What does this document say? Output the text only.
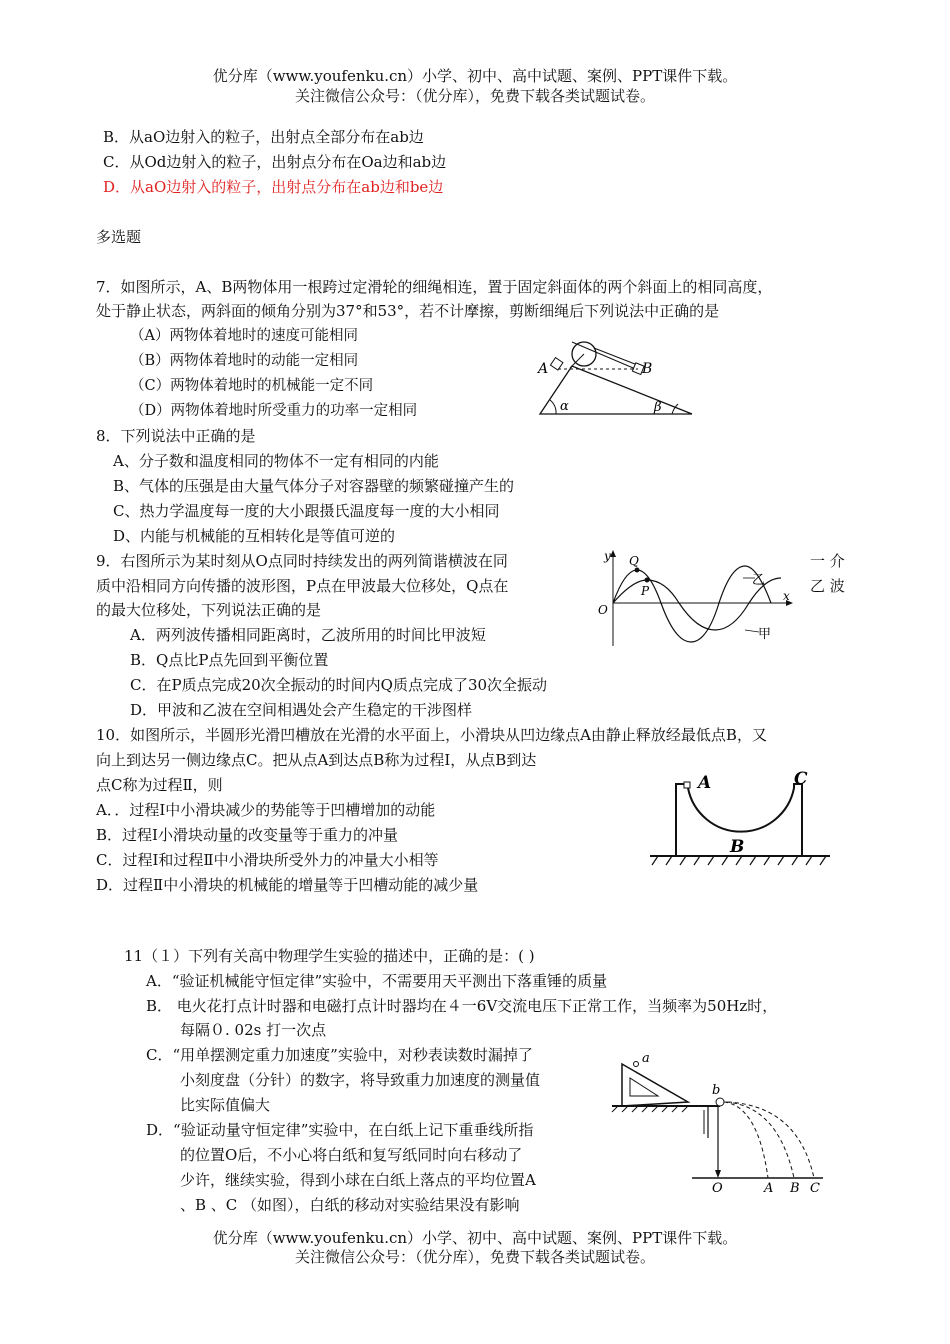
优分库（www.youfenku.cn）小学、初中、高中试题、案例、PPT课件下载。
关注微信公众号：（优分库），免费下载各类试题试卷。
B．从aO边射入的粒子，出射点全部分布在ab边
C．从Od边射入的粒子，出射点分布在Oa边和ab边
D．从aO边射入的粒子，出射点分布在ab边和be边
多选题
7．如图所示，A、B两物体用一根跨过定滑轮的细绳相连，置于固定斜面体的两个斜面上的相同高度，
处于静止状态，两斜面的倾角分别为37°和53°，若不计摩擦，剪断细绳后下列说法中正确的是
（A）两物体着地时的速度可能相同
（B）两物体着地时的动能一定相同
（C）两物体着地时的机械能一定不同
（D）两物体着地时所受重力的功率一定相同
A	B
α	β
8．下列说法中正确的是
A、分子数和温度相同的物体不一定有相同的内能
B、气体的压强是由大量气体分子对容器壁的频繁碰撞产生的
C、热力学温度每一度的大小跟摄氏温度每一度的大小相同
D、内能与机械能的互相转化是等值可逆的
9．右图所示为某时刻从O点同时持续发出的两列简谐横波在同	一 介
质中沿相同方向传播的波形图，P点在甲波最大位移处，Q点在	乙 波
的最大位移处，下列说法正确的是
A．两列波传播相同距离时，乙波所用的时间比甲波短
B．Q点比P点先回到平衡位置
C．在P质点完成20次全振动的时间内Q质点完成了30次全振动
D．甲波和乙波在空间相遇处会产生稳定的干涉图样
y
x
O
Q
P
乙
甲
10．如图所示，半圆形光滑凹槽放在光滑的水平面上，小滑块从凹边缘点A由静止释放经最低点B，又
向上到达另一侧边缘点C。把从点A到达点B称为过程I，从点B到达
点C称为过程Ⅱ，则
A．．过程I中小滑块减少的势能等于凹槽增加的动能
B．过程I小滑块动量的改变量等于重力的冲量
C．过程I和过程Ⅱ中小滑块所受外力的冲量大小相等
D．过程Ⅱ中小滑块的机械能的增量等于凹槽动能的减少量
A	C
B
11（１）下列有关高中物理学生实验的描述中，正确的是：( )
A．“验证机械能守恒定律”实验中，不需要用天平测出下落重锤的质量
B． 电火花打点计时器和电磁打点计时器均在４一6V交流电压下正常工作，当频率为50Hz时，
每隔０. 02s 打一次点
C．“用单摆测定重力加速度”实验中，对秒表读数时漏掉了
小刻度盘（分针）的数字，将导致重力加速度的测量值
比实际值偏大
D．“验证动量守恒定律”实验中，在白纸上记下重垂线所指
的位置O后，不小心将白纸和复写纸同时向右移动了
少许，继续实验，得到小球在白纸上落点的平均位置A
、B 、C （如图），白纸的移动对实验结果没有影响
a
b
O	A B C
优分库（www.youfenku.cn）小学、初中、高中试题、案例、PPT课件下载。
关注微信公众号：（优分库），免费下载各类试题试卷。
